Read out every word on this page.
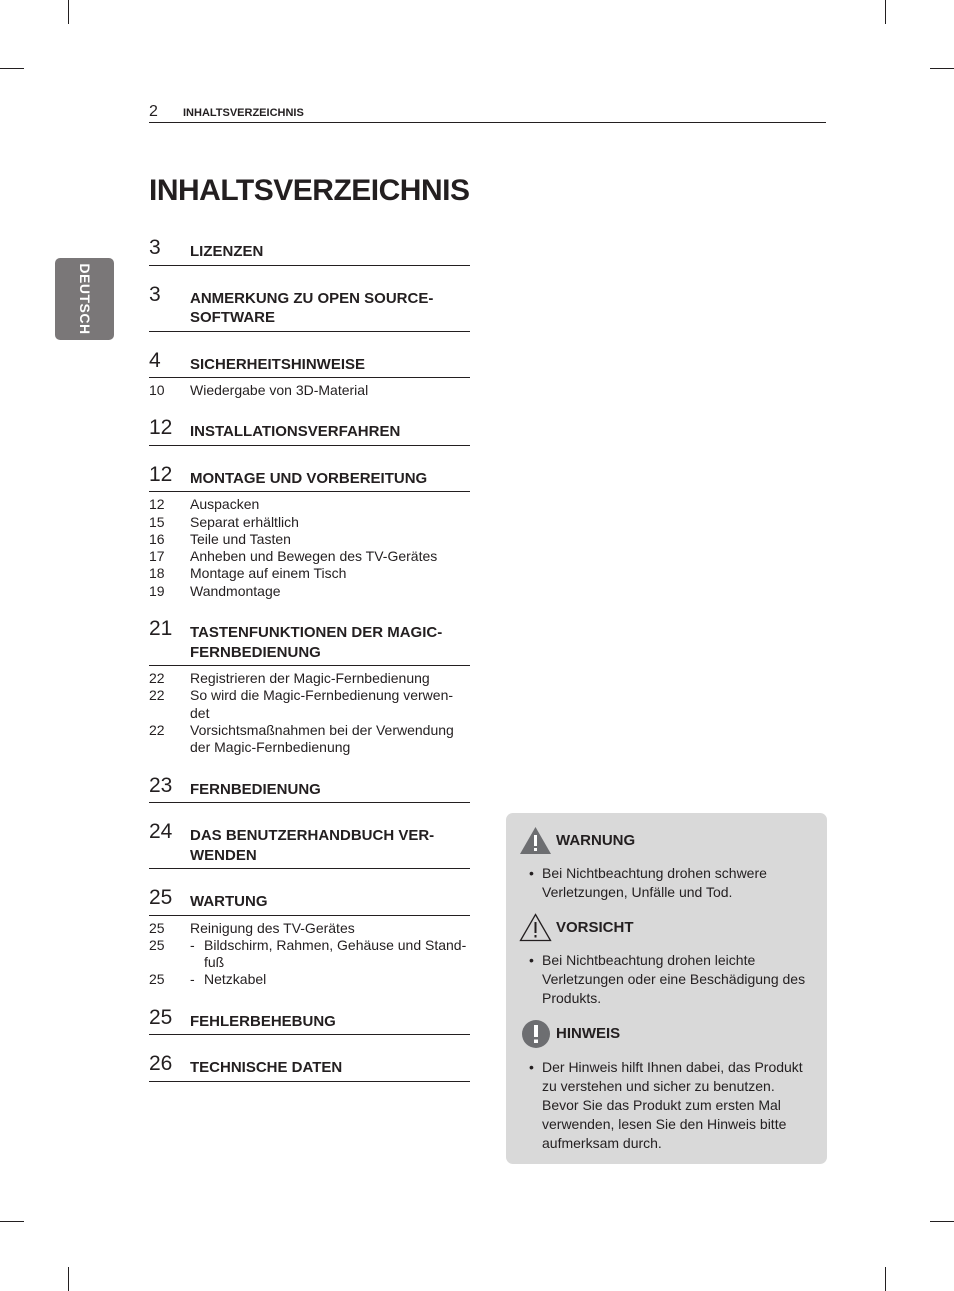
2 INHALTSVERZEICHNIS
DEUTSCH
INHALTSVERZEICHNIS
3 LIZENZEN
3 ANMERKUNG ZU OPEN SOURCE-SOFTWARE
4 SICHERHEITSHINWEISE
10 Wiedergabe von 3D-Material
12 INSTALLATIONSVERFAHREN
12 MONTAGE UND VORBEREITUNG
12 Auspacken
15 Separat erhältlich
16 Teile und Tasten
17 Anheben und Bewegen des TV-Gerätes
18 Montage auf einem Tisch
19 Wandmontage
21 TASTENFUNKTIONEN DER MAGIC-FERNBEDIENUNG
22 Registrieren der Magic-Fernbedienung
22 So wird die Magic-Fernbedienung verwen-det
22 Vorsichtsmaßnahmen bei der Verwendung der Magic-Fernbedienung
23 FERNBEDIENUNG
24 DAS BENUTZERHANDBUCH VER-WENDEN
25 WARTUNG
25 Reinigung des TV-Gerätes
25 - Bildschirm, Rahmen, Gehäuse und Stand-fuß
25 - Netzkabel
25 FEHLERBEHEBUNG
26 TECHNISCHE DATEN
WARNUNG
• Bei Nichtbeachtung drohen schwere Verletzungen, Unfälle und Tod.
VORSICHT
• Bei Nichtbeachtung drohen leichte Verletzungen oder eine Beschädigung des Produkts.
HINWEIS
• Der Hinweis hilft Ihnen dabei, das Produkt zu verstehen und sicher zu benutzen. Bevor Sie das Produkt zum ersten Mal verwenden, lesen Sie den Hinweis bitte aufmerksam durch.
